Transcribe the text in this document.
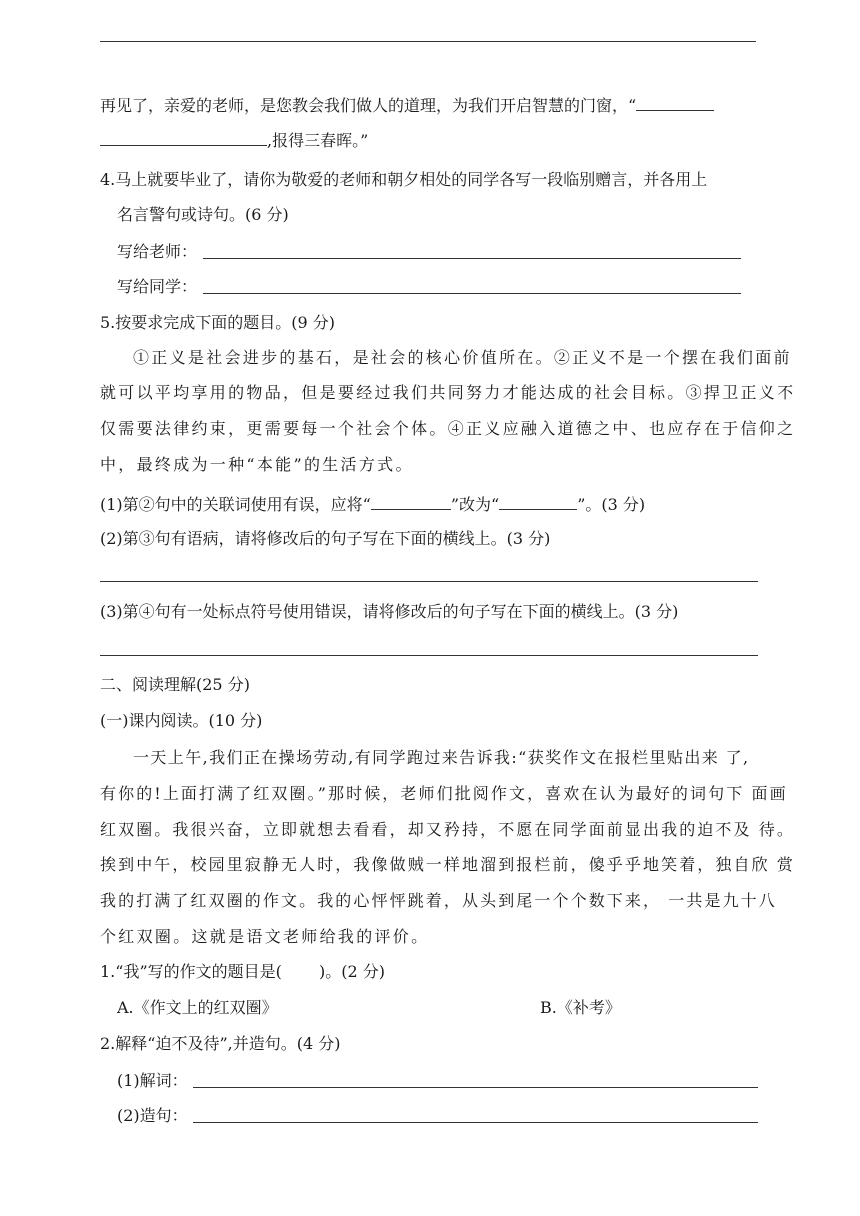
再见了，亲爱的老师，是您教会我们做人的道理，为我们开启智慧的门窗，“
,报得三春晖。”
4.马上就要毕业了，请你为敬爱的老师和朝夕相处的同学各写一段临别赠言，并各用上
名言警句或诗句。(6 分)
写给老师：
写给同学：
5.按要求完成下面的题目。(9 分)
①正义是社会进步的基石，是社会的核心价值所在。②正义不是一个摆在我们面前
就可以平均享用的物品，但是要经过我们共同努力才能达成的社会目标。③捍卫正义不
仅需要法律约束，更需要每一个社会个体。④正义应融入道德之中、也应存在于信仰之
中，最终成为一种“本能”的生活方式。
(1)第②句中的关联词使用有误，应将“	”改为“	”。(3 分)
(2)第③句有语病，请将修改后的句子写在下面的横线上。(3 分)
(3)第④句有一处标点符号使用错误，请将修改后的句子写在下面的横线上。(3 分)
二、阅读理解(25 分)
(一)课内阅读。(10 分)
一天上午,我们正在操场劳动,有同学跑过来告诉我:“获奖作文在报栏里贴出来 了,
有你的!上面打满了红双圈。”那时候，老师们批阅作文，喜欢在认为最好的词句下 面画
红双圈。我很兴奋，立即就想去看看，却又矜持，不愿在同学面前显出我的迫不及 待。
挨到中午，校园里寂静无人时，我像做贼一样地溜到报栏前，傻乎乎地笑着，独自欣 赏
我的打满了红双圈的作文。我的心怦怦跳着，从头到尾一个个数下来， 一共是九十八
个红双圈。这就是语文老师给我的评价。
1.“我”写的作文的题目是(　　 )。(2 分)
A.《作文上的红双圈》	B.《补考》
2.解释“迫不及待”,并造句。(4 分)
(1)解词：
(2)造句：
